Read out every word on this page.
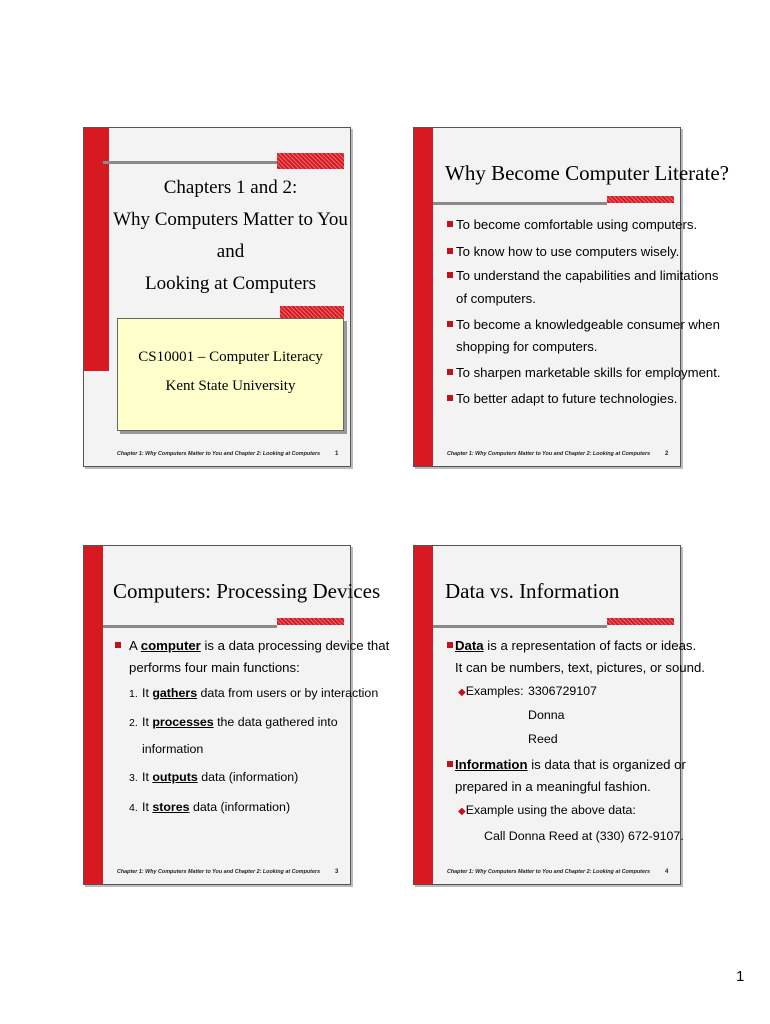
Chapters 1 and 2:
Why Computers Matter to You
and
Looking at Computers
CS10001 – Computer Literacy
Kent State University
Chapter 1: Why Computers Matter to You and Chapter 2: Looking at Computers 1
Why Become Computer Literate?
To become comfortable using computers.
To know how to use computers wisely.
To understand the capabilities and limitations
of computers.
To become a knowledgeable consumer when
shopping for computers.
To sharpen marketable skills for employment.
To better adapt to future technologies.
Chapter 1: Why Computers Matter to You and Chapter 2: Looking at Computers 2
Computers: Processing Devices
A computer is a data processing device that
performs four main functions:
1. It gathers data from users or by interaction
2. It processes the data gathered into
information
3. It outputs data (information)
4. It stores data (information)
Chapter 1: Why Computers Matter to You and Chapter 2: Looking at Computers 3
Data vs. Information
Data is a representation of facts or ideas.
It can be numbers, text, pictures, or sound.
◆Examples: 3306729107
Donna
Reed
Information is data that is organized or
prepared in a meaningful fashion.
◆Example using the above data:
Call Donna Reed at (330) 672-9107.
Chapter 1: Why Computers Matter to You and Chapter 2: Looking at Computers 4
1
